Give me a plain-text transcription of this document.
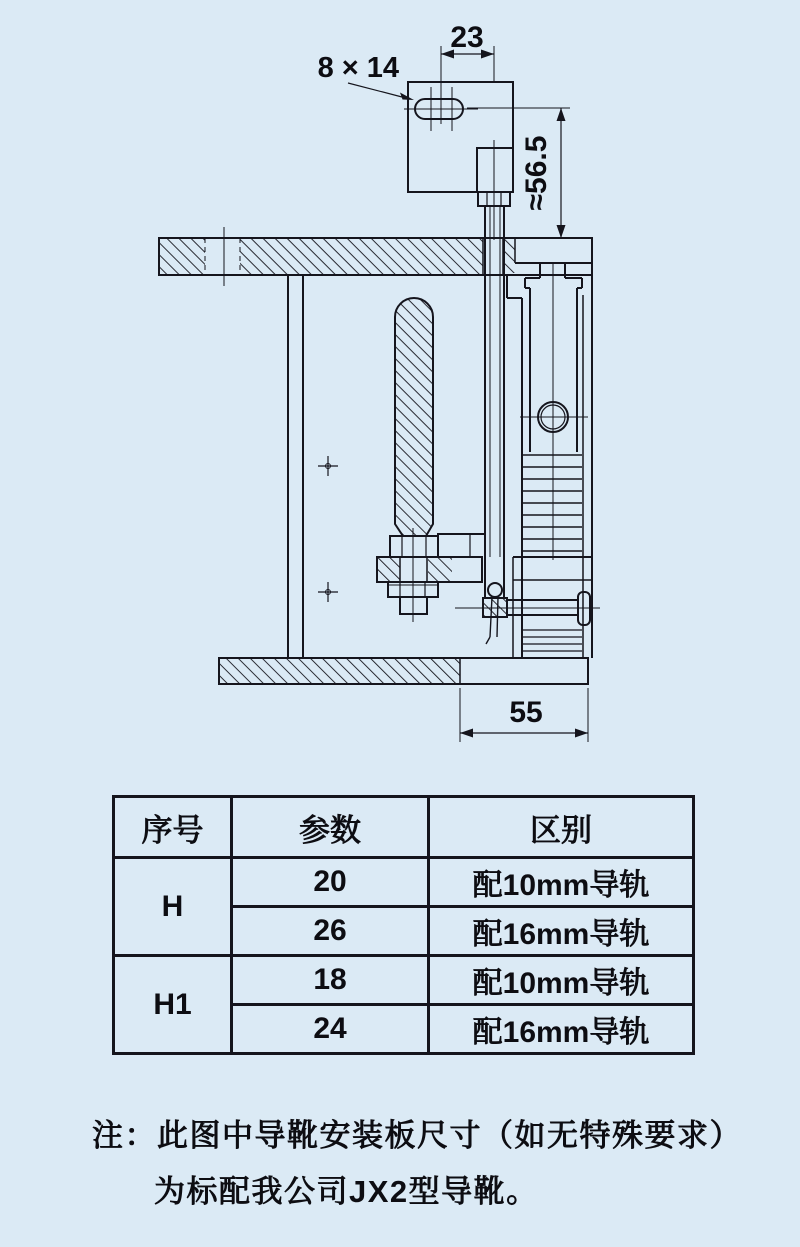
23
8 × 14
≈56.5
55
序号	参数	区别
H	20	配10mm导轨
	26	配16mm导轨
H1	18	配10mm导轨
	24	配16mm导轨
注：此图中导靴安装板尺寸（如无特殊要求）
为标配我公司JX2型导靴。
